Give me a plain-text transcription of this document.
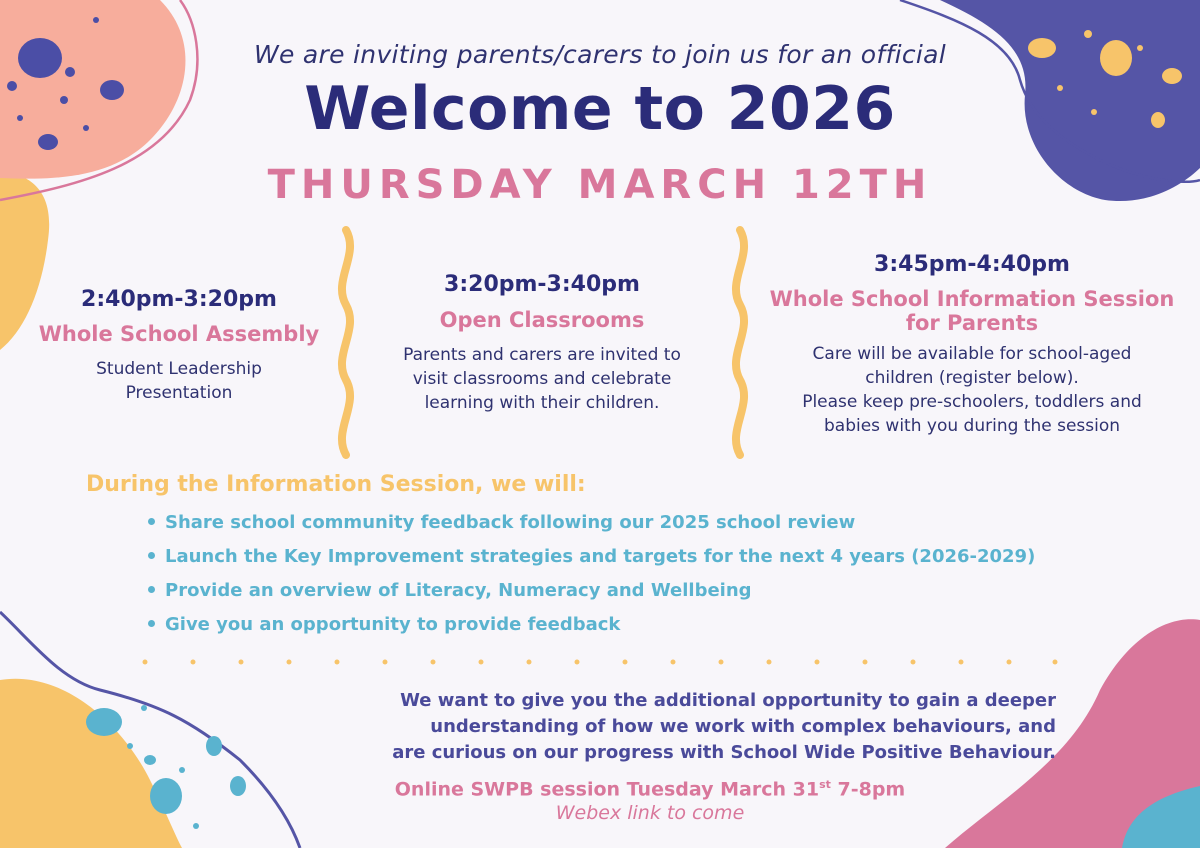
We are inviting parents/carers to join us for an official
Welcome to 2026
THURSDAY MARCH 12TH
2:40pm-3:20pm
Whole School Assembly
Student Leadership
Presentation
3:20pm-3:40pm
Open Classrooms
Parents and carers are invited to
visit classrooms and celebrate
learning with their children.
3:45pm-4:40pm
Whole School Information Session
for Parents
Care will be available for school-aged
children (register below).
Please keep pre-schoolers, toddlers and
babies with you during the session
During the Information Session, we will:
Share school community feedback following our 2025 school review
Launch the Key Improvement strategies and targets for the next 4 years (2026-2029)
Provide an overview of Literacy, Numeracy and Wellbeing
Give you an opportunity to provide feedback
We want to give you the additional opportunity to gain a deeper
understanding of how we work with complex behaviours, and
are curious on our progress with School Wide Positive Behaviour.
Online SWPB session Tuesday March 31st 7-8pm
Webex link to come
